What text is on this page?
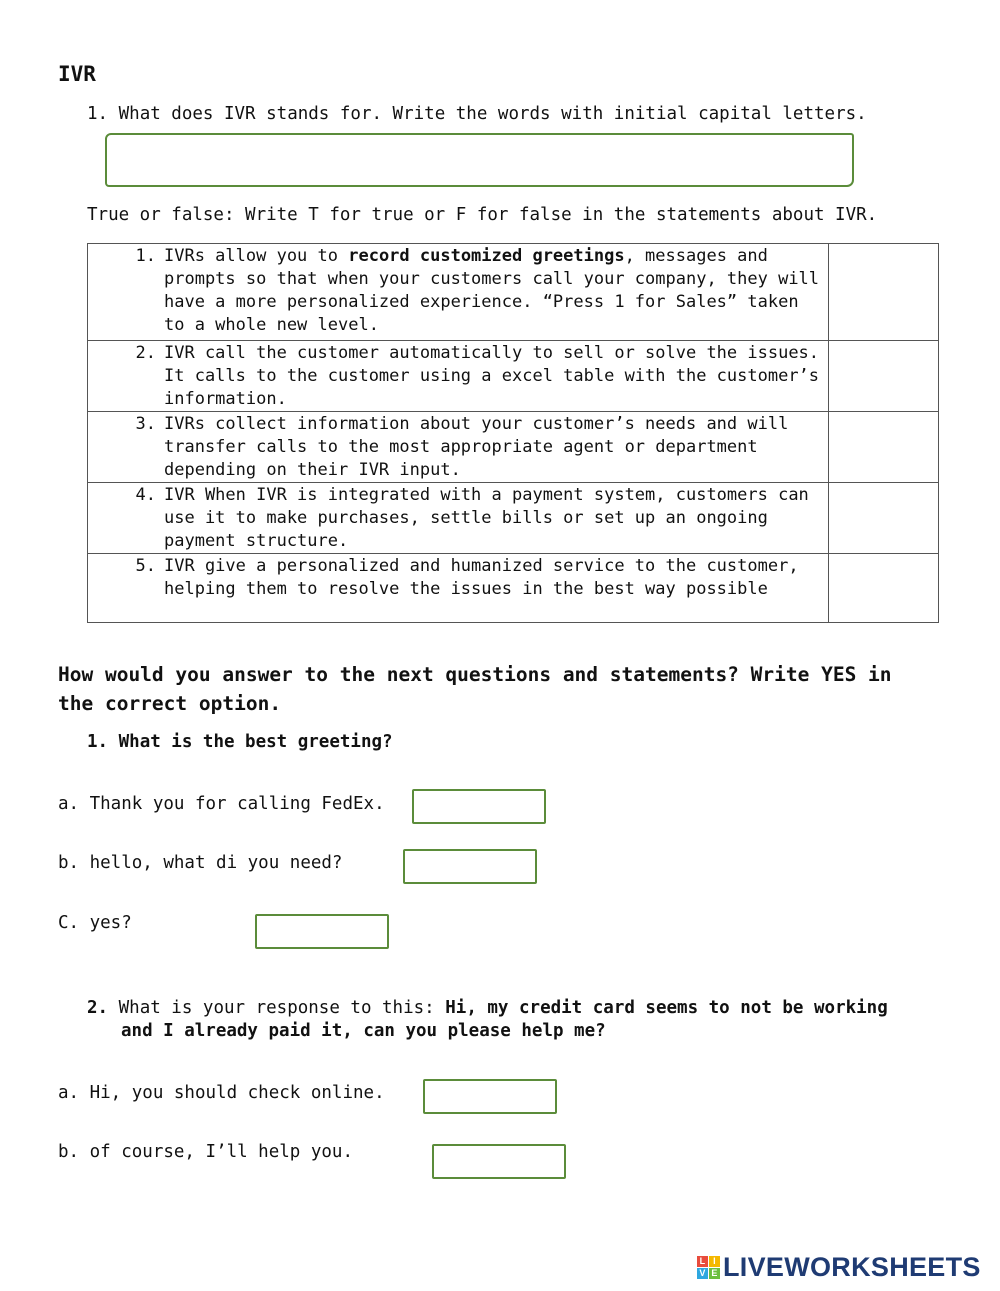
IVR
1. What does IVR stands for. Write the words with initial capital letters.
True or false: Write T for true or F for false in the statements about IVR.
1. IVRs allow you to record customized greetings, messages and prompts so that when your customers call your company, they will have a more personalized experience. “Press 1 for Sales” taken to a whole new level.	

2. IVR call the customer automatically to sell or solve the issues. It calls to the customer using a excel table with the customer’s information.	

3. IVRs collect information about your customer’s needs and will transfer calls to the most appropriate agent or department depending on their IVR input.	

4. IVR When IVR is integrated with a payment system, customers can use it to make purchases, settle bills or set up an ongoing payment structure.	

5. IVR give a personalized and humanized service to the customer, helping them to resolve the issues in the best way possible	

How would you answer to the next questions and statements? Write YES in the correct option.
1. What is the best greeting?
a. Thank you for calling FedEx.
b. hello, what di you need?
C. yes?
2. What is your response to this: Hi, my credit card seems to not be working
and I already paid it, can you please help me?
a. Hi, you should check online.
b. of course, I’ll help you.
L I
V E LIVEWORKSHEETS
